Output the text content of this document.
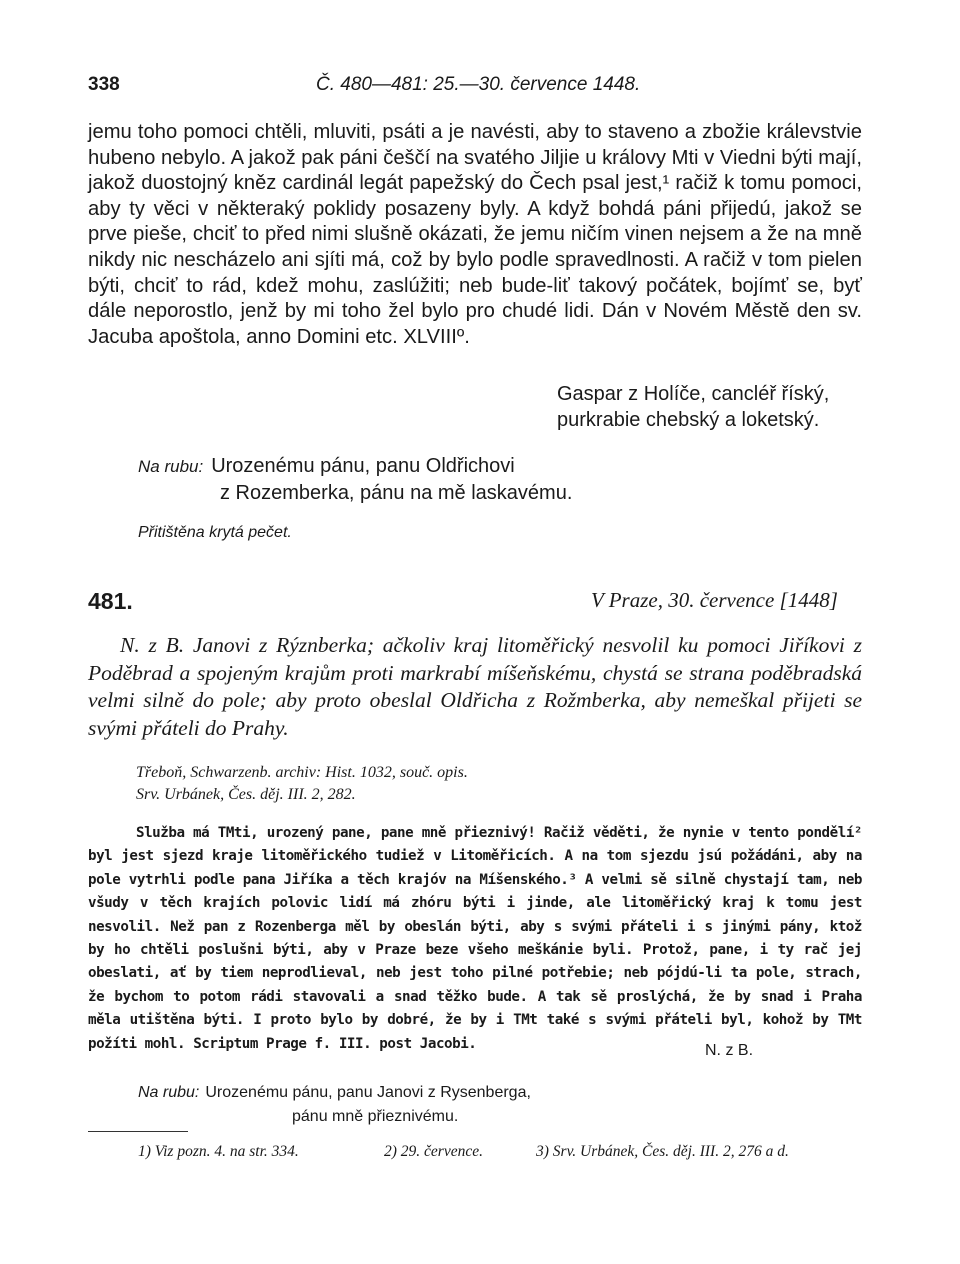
338	Č. 480—481: 25.—30. července 1448.

jemu toho pomoci chtěli, mluviti, psáti a je navésti, aby to staveno a zbožie králevstvie hubeno nebylo. A jakož pak páni češčí na svatého Jiljie u královy Mti v Viedni býti mají, jakož duostojný kněz cardinál legát papežský do Čech psal jest,¹ račiž k tomu pomoci, aby ty věci v některaký poklidy posazeny byly. A když bohdá páni přijedú, jakož se prve pieše, chciť to před nimi slušně okázati, že jemu ničím vinen nejsem a že na mně nikdy nic nescházelo ani sjíti má, což by bylo podle spravedlnosti. A račiž v tom pielen býti, chciť to rád, kdež mohu, zaslúžiti; neb bude-liť takový počátek, bojímť se, byť dále neporostlo, jenž by mi toho žel bylo pro chudé lidi. Dán v Novém Městě den sv. Jacuba apoštola, anno Domini etc. XLVIIIº.

Gaspar z Holíče, cancléř říský,
purkrabie chebský a loketský.
Na rubu: Urozenému pánu, panu Oldřichovi
z Rozemberka, pánu na mě laskavému.
Přitištěna krytá pečet.
481.	V Praze, 30. července [1448]

N. z B. Janovi z Rýznberka; ačkoliv kraj litoměřický nesvolil ku pomoci Jiříkovi z Poděbrad a spojeným krajům proti markrabí míšeňskému, chystá se strana poděbradská velmi silně do pole; aby proto obeslal Oldřicha z Rožmberka, aby nemeškal přijeti se svými přáteli do Prahy.

Třeboň, Schwarzenb. archiv: Hist. 1032, souč. opis.
Srv. Urbánek, Čes. děj. III. 2, 282.

Služba má TMti, urozený pane, pane mně přieznivý! Račiž věděti, že nynie v tento pondělí² byl jest sjezd kraje litoměřického tudiež v Litoměřicích. A na tom sjezdu jsú požádáni, aby na pole vytrhli podle pana Jiříka a těch krajóv na Míšenského.³ A velmi sě silně chystají tam, neb všudy v těch krajích polovic lidí má zhóru býti i jinde, ale litoměřický kraj k tomu jest nesvolil. Než pan z Rozenberga měl by obeslán býti, aby s svými přáteli i s jinými pány, ktož by ho chtěli poslušni býti, aby v Praze beze všeho meškánie byli. Protož, pane, i ty rač jej obeslati, ať by tiem neprodlieval, neb jest toho pilné potřebie; neb pójdú-li ta pole, strach, že bychom to potom rádi stavovali a snad těžko bude. A tak sě proslýchá, že by snad i Praha měla utištěna býti. I proto bylo by dobré, že by i TMt také s svými přáteli byl, kohož by TMt požíti mohl. Scriptum Prage f. III. post Jacobi.	N. z B.
Na rubu: Urozenému pánu, panu Janovi z Rysenberga,
pánu mně přieznivému.
1) Viz pozn. 4. na str. 334.	2) 29. července.	3) Srv. Urbánek, Čes. děj. III. 2, 276 a d.
